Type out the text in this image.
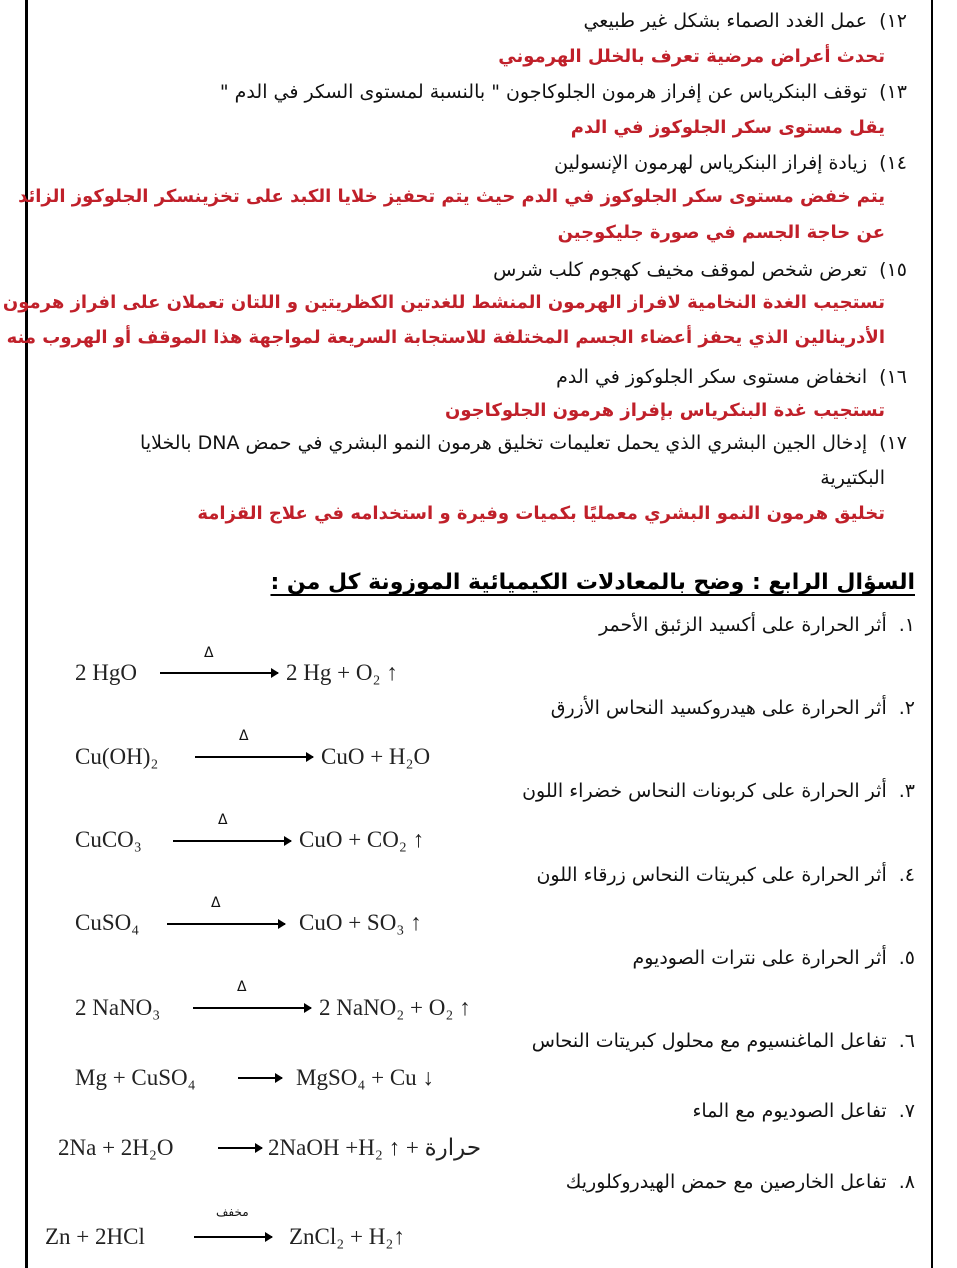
١٢)عمل الغدد الصماء بشكل غير طبيعي
تحدث أعراض مرضية تعرف بالخلل الهرموني
١٣)توقف البنكرياس عن إفراز هرمون الجلوكاجون " بالنسبة لمستوى السكر في الدم "
يقل مستوى سكر الجلوكوز في الدم
١٤)زيادة إفراز البنكرياس لهرمون الإنسولين
يتم خفض مستوى سكر الجلوكوز في الدم حيث يتم تحفيز خلايا الكبد على تخزينسكر الجلوكوز الزائد
عن حاجة الجسم في صورة جليكوجين
١٥)تعرض شخص لموقف مخيف كهجوم كلب شرس
تستجيب الغدة النخامية لافراز الهرمون المنشط للغدتين الكظريتين و اللتان تعملان على افراز هرمون
الأدرينالين الذي يحفز أعضاء الجسم المختلفة للاستجابة السريعة لمواجهة هذا الموقف أو الهروب منه
١٦)انخفاض مستوى سكر الجلوكوز في الدم
تستجيب غدة البنكرياس بإفراز هرمون الجلوكاجون
١٧)إدخال الجين البشري الذي يحمل تعليمات تخليق هرمون النمو البشري في حمض DNA بالخلايا
البكتيرية
تخليق هرمون النمو البشري معمليًا بكميات وفيرة و استخدامه في علاج القزامة
السؤال الرابع : وضح بالمعادلات الكيميائية الموزونة كل من :
١.أثر الحرارة على أكسيد الزئبق الأحمر
٢.أثر الحرارة على هيدروكسيد النحاس الأزرق
٣.أثر الحرارة على كربونات النحاس خضراء اللون
٤.أثر الحرارة على كبريتات النحاس زرقاء اللون
٥.أثر الحرارة على نترات الصوديوم
٦.تفاعل الماغنسيوم مع محلول كبريتات النحاس
٧.تفاعل الصوديوم مع الماء
٨.تفاعل الخارصين مع حمض الهيدروكلوريك
2 HgO
Δ
2 Hg + O₂ ↑
Cu(OH)₂
Δ
CuO + H₂O
CuCO₃
Δ
CuO + CO₂ ↑
CuSO₄
Δ
CuO + SO₃ ↑
2 NaNO₃
Δ
2 NaNO₂ + O₂ ↑
Mg + CuSO₄	→ MgSO₄ + Cu ↓
2Na + 2H₂O	→ 2NaOH +H₂ ↑ + حرارة
Zn + 2HCl
مخفف
ZnCl₂ + H₂↑
